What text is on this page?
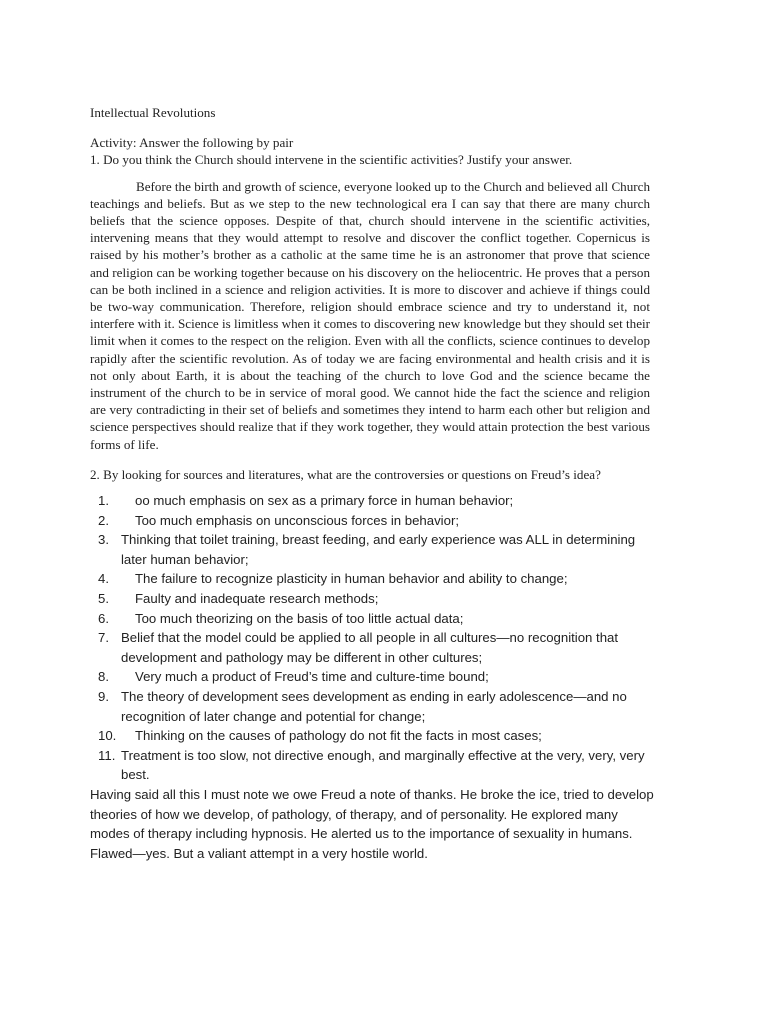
Intellectual Revolutions

Activity: Answer the following by pair

1. Do you think the Church should intervene in the scientific activities? Justify your answer.

Before the birth and growth of science, everyone looked up to the Church and believed all Church teachings and beliefs. But as we step to the new technological era I can say that there are many church beliefs that the science opposes. Despite of that, church should intervene in the scientific activities, intervening means that they would attempt to resolve and discover the conflict together. Copernicus is raised by his mother’s brother as a catholic at the same time he is an astronomer that prove that science and religion can be working together because on his discovery on the heliocentric. He proves that a person can be both inclined in a science and religion activities. It is more to discover and achieve if things could be two-way communication. Therefore, religion should embrace science and try to understand it, not interfere with it. Science is limitless when it comes to discovering new knowledge but they should set their limit when it comes to the respect on the religion. Even with all the conflicts, science continues to develop rapidly after the scientific revolution. As of today we are facing environmental and health crisis and it is not only about Earth, it is about the teaching of the church to love God and the science became the instrument of the church to be in service of moral good. We cannot hide the fact the science and religion are very contradicting in their set of beliefs and sometimes they intend to harm each other but religion and science perspectives should realize that if they work together, they would attain protection the best various forms of life.

2. By looking for sources and literatures, what are the controversies or questions on Freud’s idea?

1.	oo much emphasis on sex as a primary force in human behavior;
2.	Too much emphasis on unconscious forces in behavior;
3. Thinking that toilet training, breast feeding, and early experience was ALL in determining later human behavior;
4.	The failure to recognize plasticity in human behavior and ability to change;
5.	Faulty and inadequate research methods;
6.	Too much theorizing on the basis of too little actual data;
7. Belief that the model could be applied to all people in all cultures—no recognition that development and pathology may be different in other cultures;
8.	Very much a product of Freud’s time and culture-time bound;
9. The theory of development sees development as ending in early adolescence—and no recognition of later change and potential for change;
10.	Thinking on the causes of pathology do not fit the facts in most cases;
11. Treatment is too slow, not directive enough, and marginally effective at the very, very, very best.

Having said all this I must note we owe Freud a note of thanks. He broke the ice, tried to develop theories of how we develop, of pathology, of therapy, and of personality. He explored many modes of therapy including hypnosis. He alerted us to the importance of sexuality in humans. Flawed—yes. But a valiant attempt in a very hostile world.
